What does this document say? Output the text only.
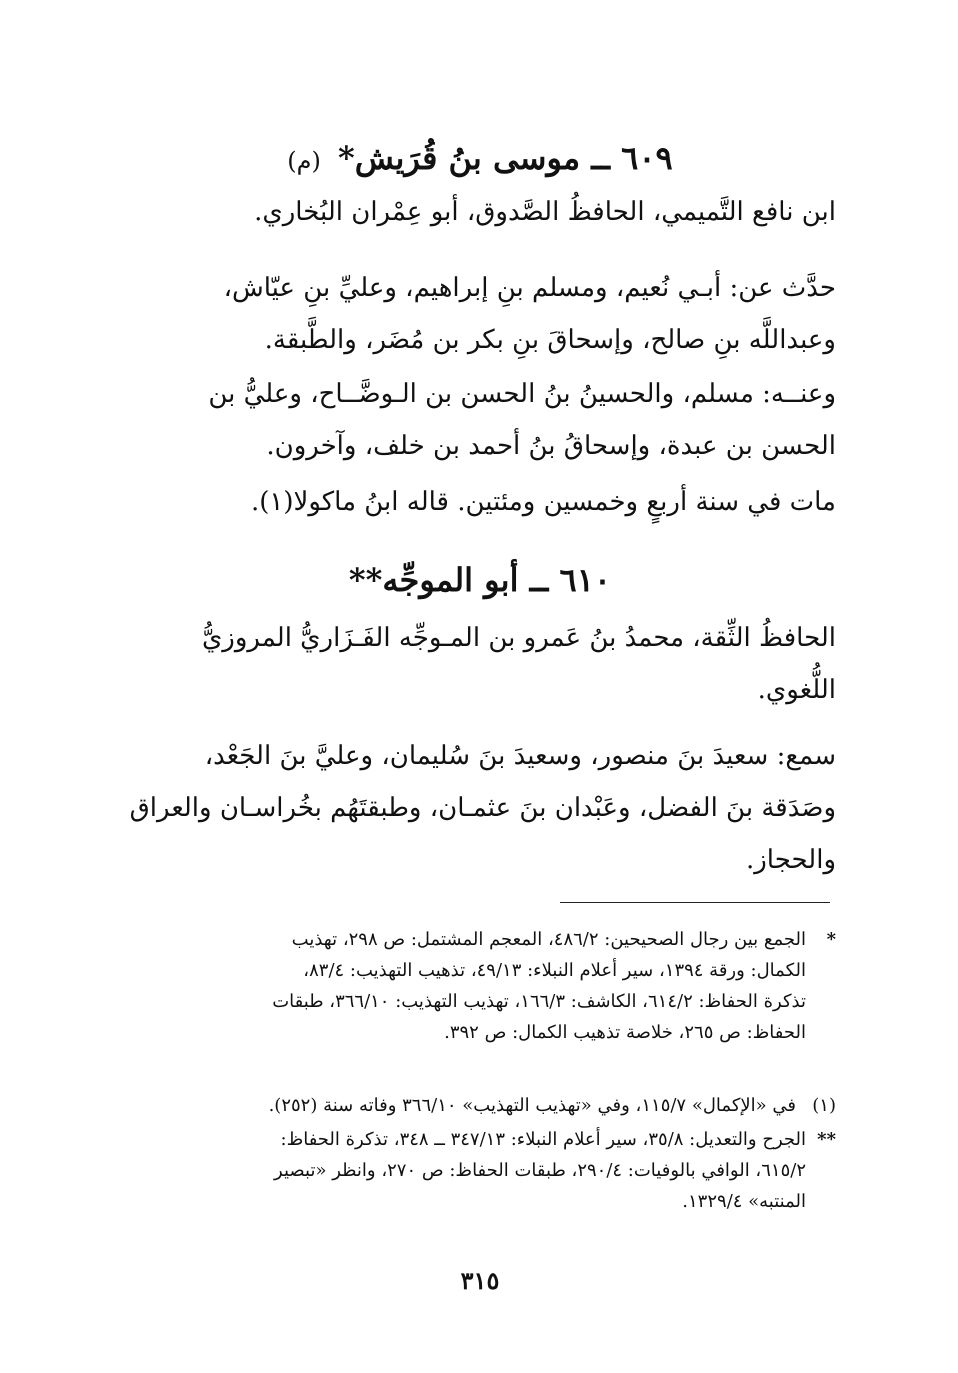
٦٠٩ ــ موسى بنُ قُرَيش* (م)
ابن نافع التَّميمي، الحافظُ الصَّدوق، أبو عِمْران البُخاري.
حدَّث عن: أبـي نُعيم، ومسلم بنِ إبراهيم، وعليِّ بنِ عيّاش،
وعبداللَّه بنِ صالح، وإسحاقَ بنِ بكر بن مُضَر، والطَّبقة.
وعنــه: مسلم، والحسينُ بنُ الحسن بن الـوضَّــاح، وعليُّ بن
الحسن بن عبدة، وإسحاقُ بنُ أحمد بن خلف، وآخرون.
مات في سنة أربعٍ وخمسين ومئتين. قاله ابنُ ماكولا(١).
٦١٠ ــ أبو الموجِّه**
الحافظُ الثِّقة، محمدُ بنُ عَمرو بن المـوجِّه الفَـزَاريُّ المروزيُّ
اللُّغوي.
سمع: سعيدَ بنَ منصور، وسعيدَ بنَ سُليمان، وعليَّ بنَ الجَعْد،
وصَدَقة بنَ الفضل، وعَبْدان بنَ عثمـان، وطبقتَهُم بخُراسـان والعراق
والحجاز.
*
الجمع بين رجال الصحيحين: ٤٨٦/٢، المعجم المشتمل: ص ٢٩٨، تهذيب
الكمال: ورقة ١٣٩٤، سير أعلام النبلاء: ٤٩/١٣، تذهيب التهذيب: ٨٣/٤،
تذكرة الحفاظ: ٦١٤/٢، الكاشف: ١٦٦/٣، تهذيب التهذيب: ٣٦٦/١٠، طبقات
الحفاظ: ص ٢٦٥، خلاصة تذهيب الكمال: ص ٣٩٢.
(١)
في «الإكمال» ١١٥/٧، وفي «تهذيب التهذيب» ٣٦٦/١٠ وفاته سنة (٢٥٢).
**
الجرح والتعديل: ٣٥/٨، سير أعلام النبلاء: ٣٤٧/١٣ ــ ٣٤٨، تذكرة الحفاظ:
٦١٥/٢، الوافي بالوفيات: ٢٩٠/٤، طبقات الحفاظ: ص ٢٧٠، وانظر «تبصير
المنتبه» ١٣٢٩/٤.
٣١٥
